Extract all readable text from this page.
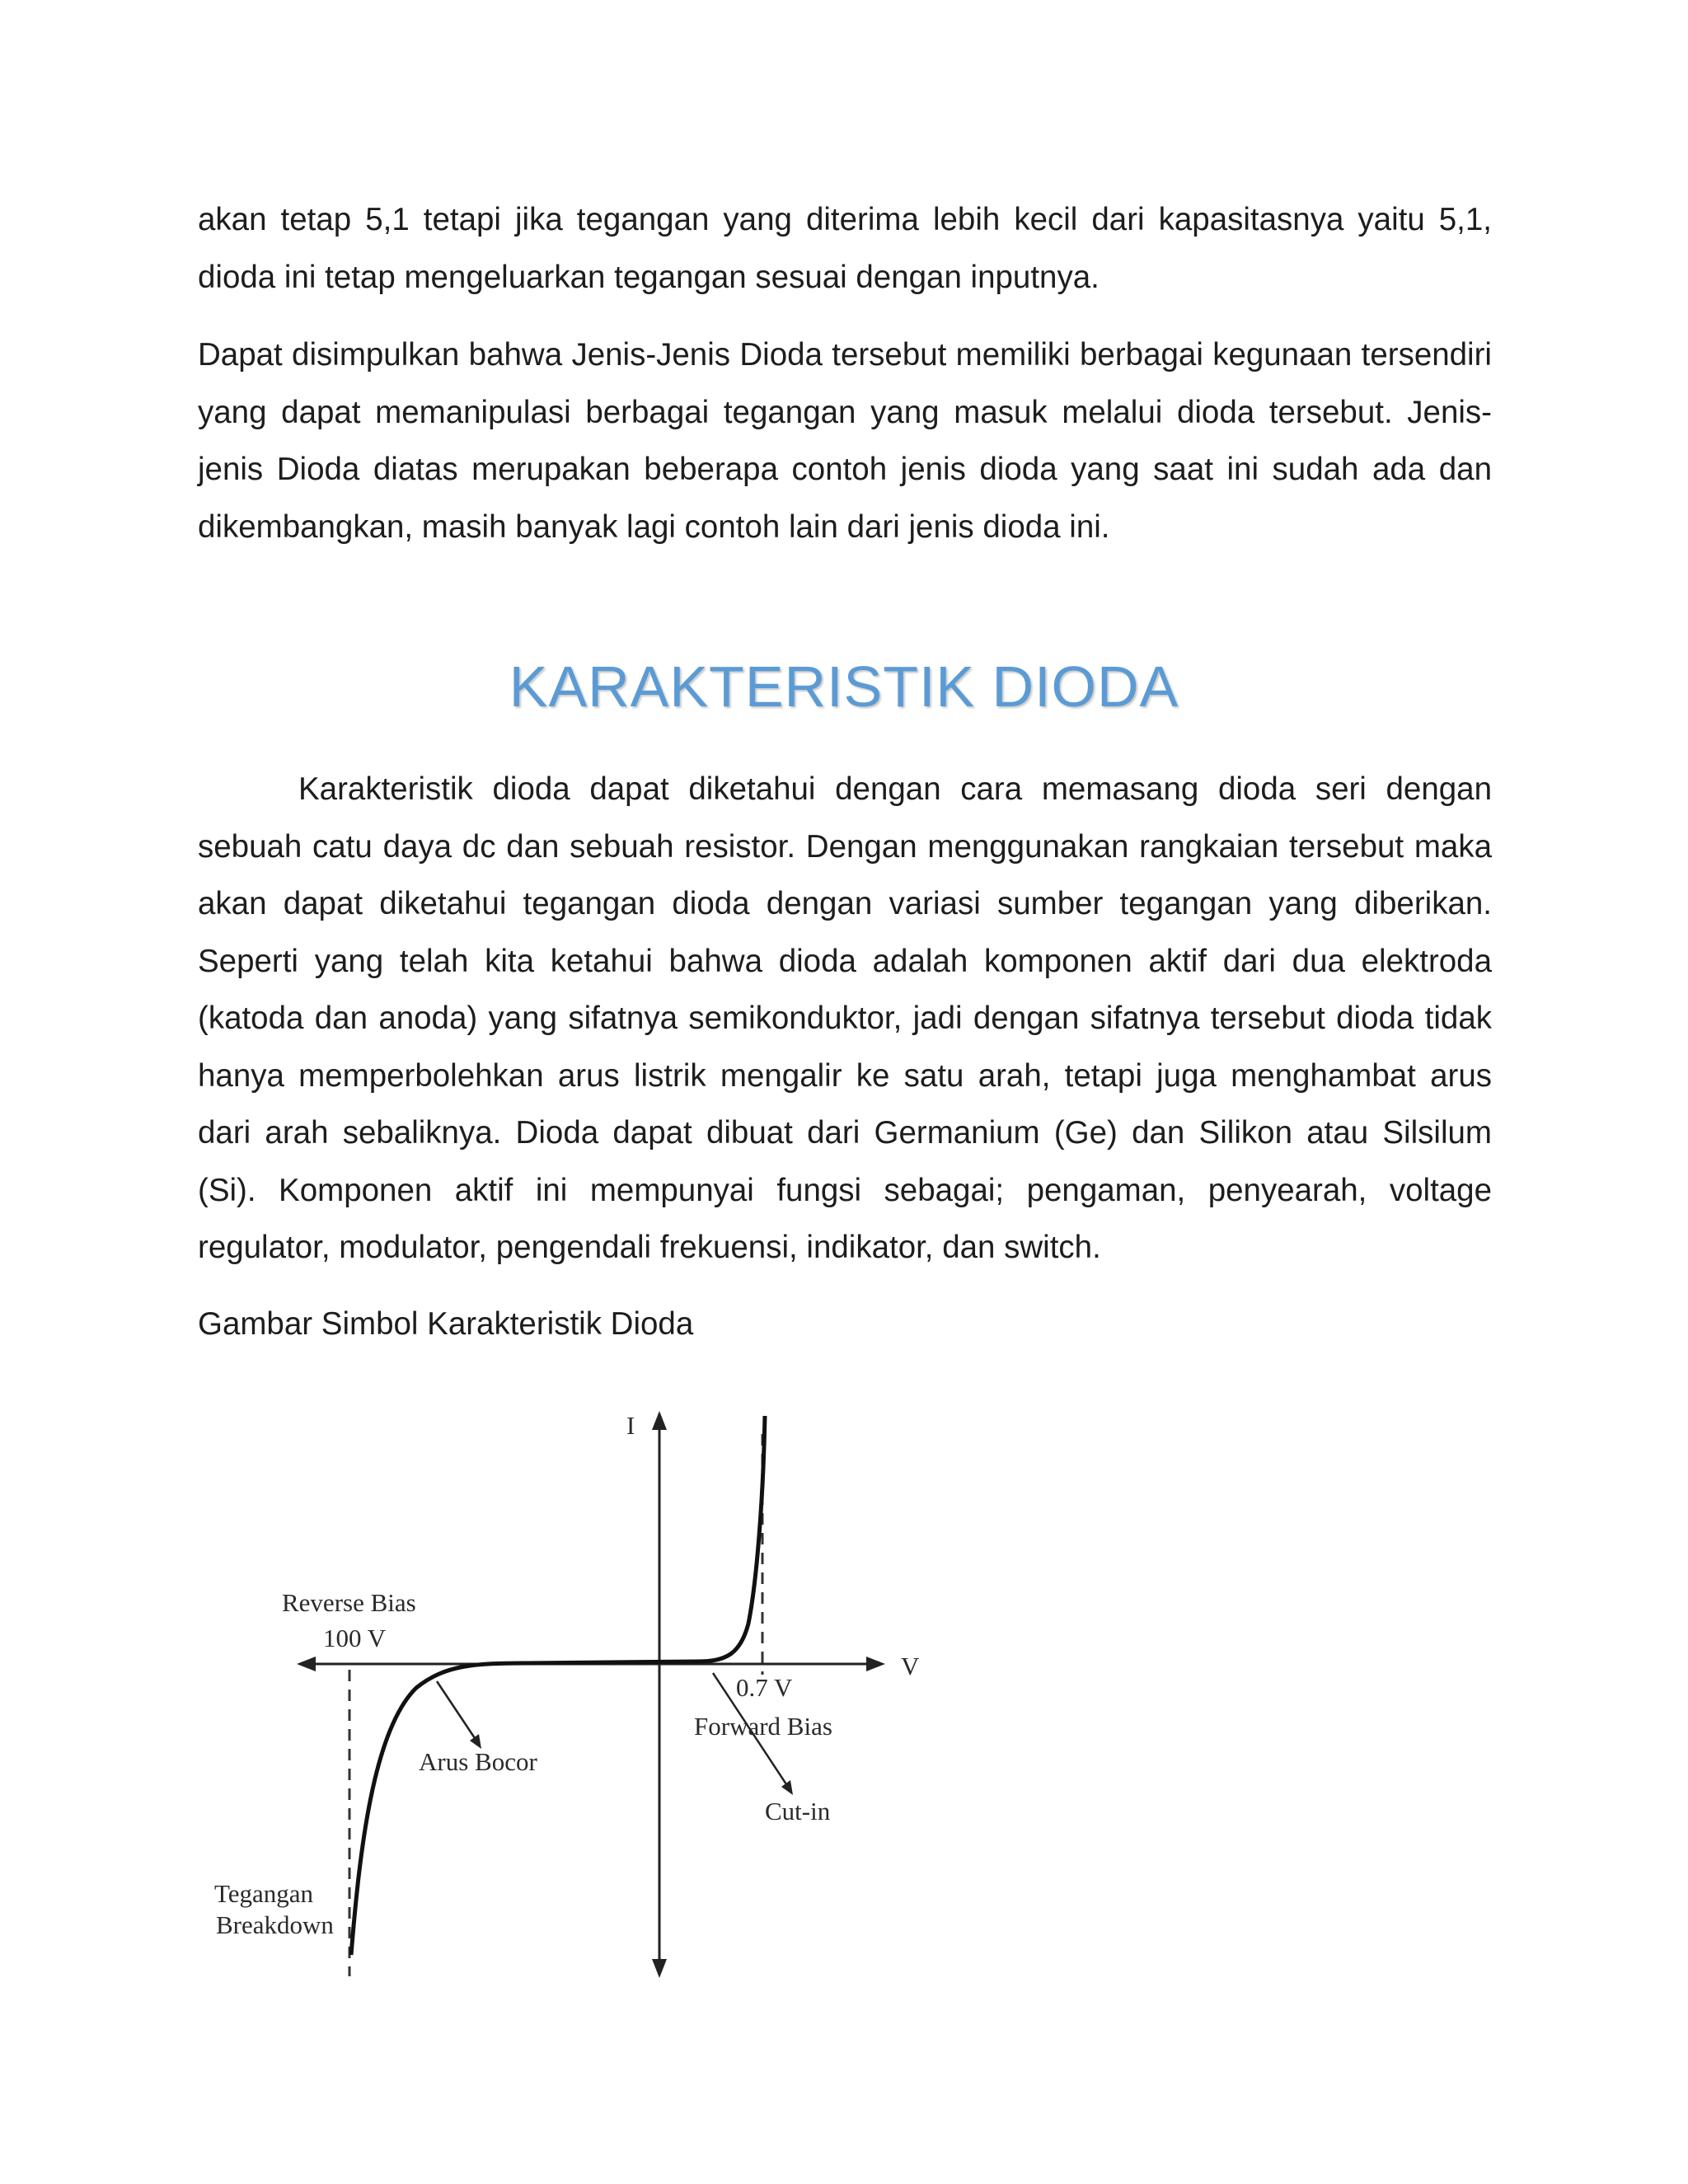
akan tetap 5,1 tetapi jika tegangan yang diterima lebih kecil dari kapasitasnya yaitu 5,1, dioda ini tetap mengeluarkan tegangan sesuai dengan inputnya.

Dapat disimpulkan bahwa Jenis-Jenis Dioda tersebut memiliki berbagai kegunaan tersendiri yang dapat memanipulasi berbagai tegangan yang masuk melalui dioda tersebut. Jenis-jenis Dioda diatas merupakan beberapa contoh jenis dioda yang saat ini sudah ada dan dikembangkan, masih banyak lagi contoh lain dari jenis dioda ini.

KARAKTERISTIK DIODA

Karakteristik dioda dapat diketahui dengan cara memasang dioda seri dengan sebuah catu daya dc dan sebuah resistor. Dengan menggunakan rangkaian tersebut maka akan dapat diketahui tegangan dioda dengan variasi sumber tegangan yang diberikan. Seperti yang telah kita ketahui bahwa dioda adalah komponen aktif dari dua elektroda (katoda dan anoda) yang sifatnya semikonduktor, jadi dengan sifatnya tersebut dioda tidak hanya memperbolehkan arus listrik mengalir ke satu arah, tetapi juga menghambat arus dari arah sebaliknya. Dioda dapat dibuat dari Germanium (Ge) dan Silikon atau Silsilum (Si). Komponen aktif ini mempunyai fungsi sebagai; pengaman, penyearah, voltage regulator, modulator, pengendali frekuensi, indikator, dan switch.

Gambar Simbol Karakteristik Dioda

I
V
Reverse Bias
100 V
Arus Bocor
0.7 V
Forward Bias
Cut-in
Tegangan
Breakdown
